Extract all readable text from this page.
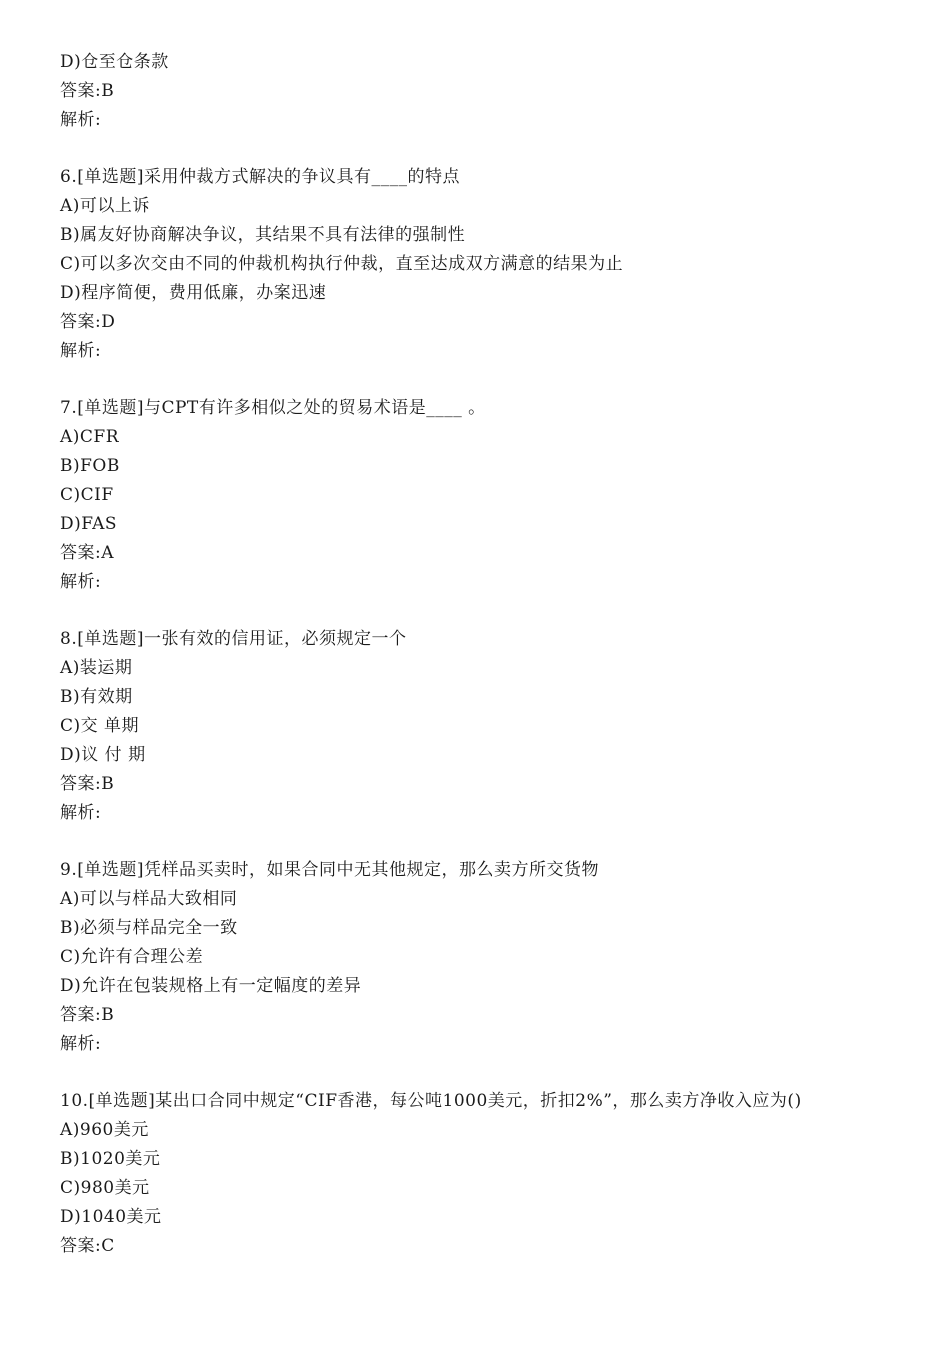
D)仓至仓条款
答案:B
解析:
6.[单选题]采用仲裁方式解决的争议具有____的特点
A)可以上诉
B)属友好协商解决争议，其结果不具有法律的强制性
C)可以多次交由不同的仲裁机构执行仲裁，直至达成双方满意的结果为止
D)程序简便，费用低廉，办案迅速
答案:D
解析:
7.[单选题]与CPT有许多相似之处的贸易术语是____ 。
A)CFR
B)FOB
C)CIF
D)FAS
答案:A
解析:
8.[单选题]一张有效的信用证，必须规定一个
A)装运期
B)有效期
C)交 单期
D)议 付 期
答案:B
解析:
9.[单选题]凭样品买卖时，如果合同中无其他规定，那么卖方所交货物
A)可以与样品大致相同
B)必须与样品完全一致
C)允许有合理公差
D)允许在包装规格上有一定幅度的差异
答案:B
解析:
10.[单选题]某出口合同中规定“CIF香港，每公吨1000美元，折扣2%”，那么卖方净收入应为()
A)960美元
B)1020美元
C)980美元
D)1040美元
答案:C
